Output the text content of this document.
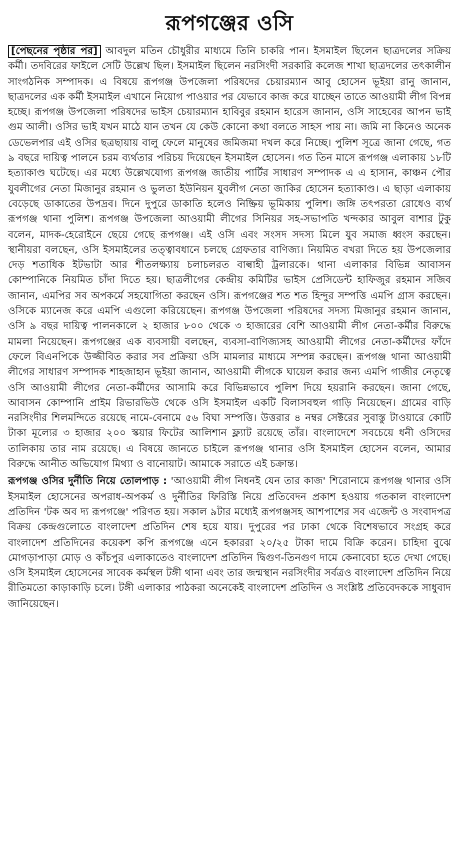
রূপগঞ্জের ওসি

[পেছনের পৃষ্ঠার পর] আবদুল মতিন চৌধুরীর মাধ্যমে তিনি চাকরি পান। ইসমাইল ছিলেন ছাত্রদলের সক্রিয় কর্মী। তদবিরের ফাইলে সেটি উল্লেখ ছিল। ইসমাইল ছিলেন নরসিংদী সরকারি কলেজ শাখা ছাত্রদলের তৎকালীন সাংগঠনিক সম্পাদক। এ বিষয়ে রূপগঞ্জ উপজেলা পরিষদের চেয়ারম্যান আবু হোসেন ভূইয়া রানু জানান, ছাত্রদলের এক কর্মী ইসমাইল এখানে নিয়োগ পাওয়ার পর যেভাবে কাজ করে যাচ্ছেন তাতে আওয়ামী লীগ বিপন্ন হচ্ছে। রূপগঞ্জ উপজেলা পরিষদের ভাইস চেয়ারম্যান হাবিবুর রহমান হারেস জানান, ওসি সাহেবের আপন ভাই গুম আলী। ওসির ভাই যখন মাঠে যান তখন যে কেউ কোনো কথা বলতে সাহস পায় না। জমি না কিনেও অনেক ডেভেলপার এই ওসির ছত্রছায়ায় বালু ফেলে মানুষের জমিজমা দখল করে নিচ্ছে। পুলিশ সূত্রে জানা গেছে, গত ৯ বছরে দায়িত্ব পালনে চরম ব্যর্থতার পরিচয় দিয়েছেন ইসমাইল হোসেন। গত তিন মাসে রূপগঞ্জ এলাকায় ১৮টি হত্যাকাণ্ড ঘটেছে। এর মধ্যে উল্লেখযোগ্য রূপগঞ্জ জাতীয় পার্টির সাধারণ সম্পাদক এ এ হাসান, কাঞ্চন পৌর যুবলীগের নেতা মিজানুর রহমান ও ভুলতা ইউনিয়ন যুবলীগ নেতা জাকির হোসেন হত্যাকাণ্ড। এ ছাড়া এলাকায় বেড়েছে ডাকাতের উপদ্রব। দিনে দুপুরে ডাকাতি হলেও নিষ্ক্রিয় ভূমিকায় পুলিশ। জঙ্গি তৎপরতা রোধেও ব্যর্থ রূপগঞ্জ থানা পুলিশ। রূপগঞ্জ উপজেলা আওয়ামী লীগের সিনিয়র সহ-সভাপতি খন্দকার আবুল বাশার টুকু বলেন, মাদক-হেরোইনে ছেয়ে গেছে রূপগঞ্জ। এই ওসি এবং সংসদ সদস্য মিলে যুব সমাজ ধ্বংস করছেন। স্থানীয়রা বলছেন, ওসি ইসমাইলের তত্ত্বাবধানে চলছে গ্রেফতার বাণিজ্য। নিয়মিত বখরা দিতে হয় উপজেলার দেড় শতাধিক ইটভাটা আর শীতলক্ষ্যায় চলাচলরত বাল্বাহী ট্রলারকে। থানা এলাকার বিভিন্ন আবাসন কোম্পানিকে নিয়মিত চাঁদা দিতে হয়। ছাত্রলীগের কেন্দ্রীয় কমিটির ভাইস প্রেসিডেন্ট হাফিজুর রহমান সজিব জানান, এমপির সব অপকর্মে সহযোগিতা করছেন ওসি। রূপগঞ্জের শত শত হিন্দুর সম্পত্তি এমপি গ্রাস করছেন। ওসিকে ম্যানেজ করে এমপি এগুলো করিয়েছেন। রূপগঞ্জ উপজেলা পরিষদের সদস্য মিজানুর রহমান জানান, ওসি ৯ বছর দায়িত্ব পালনকালে ২ হাজার ৮০০ থেকে ৩ হাজারের বেশি আওয়ামী লীগ নেতা-কর্মীর বিরুদ্ধে মামলা নিয়েছেন। রূপগঞ্জের এক ব্যবসায়ী বলছেন, ব্যবসা-বাণিজ্যসহ আওয়ামী লীগের নেতা-কর্মীদের ফাঁদে ফেলে বিএনপিকে উজ্জীবিত করার সব প্রক্রিয়া ওসি মামলার মাধ্যমে সম্পন্ন করছেন। রূপগঞ্জ থানা আওয়ামী লীগের সাধারণ সম্পাদক শাহজাহান ভূইয়া জানান, আওয়ামী লীগকে ঘায়েল করার জন্য এমপি গাজীর নেতৃত্বে ওসি আওয়ামী লীগের নেতা-কর্মীদের আসামি করে বিভিন্নভাবে পুলিশ দিয়ে হয়রানি করছেন। জানা গেছে, আবাসন কোম্পানি প্রাইম রিভারভিউ থেকে ওসি ইসমাইল একটি বিলাসবহুল গাড়ি নিয়েছেন। গ্রামের বাড়ি নরসিংদীর শিলমন্দিতে রয়েছে নামে-বেনামে ৫৬ বিঘা সম্পত্তি। উত্তরার ৪ নম্বর সেক্টরের সুবাস্তু টাওয়ারে কোটি টাকা মূল্যের ৩ হাজার ২০০ স্কয়ার ফিটের আলিশান ফ্ল্যাট রয়েছে তাঁর। বাংলাদেশে সবচেয়ে ধনী ওসিদের তালিকায় তার নাম রয়েছে। এ বিষয়ে জানতে চাইলে রূপগঞ্জ থানার ওসি ইসমাইল হোসেন বলেন, আমার বিরুদ্ধে আনীত অভিযোগ মিথ্যা ও বানোয়াট। আমাকে সরাতে এই চক্রান্ত।

রূপগঞ্জ ওসির দুর্নীতি নিয়ে তোলপাড় : 'আওয়ামী লীগ নিধনই যেন তার কাজ' শিরোনামে রূপগঞ্জ থানার ওসি ইসমাইল হোসেনের অপরাধ-অপকর্ম ও দুর্নীতির ফিরিস্তি নিয়ে প্রতিবেদন প্রকাশ হওয়ায় গতকাল বাংলাদেশ প্রতিদিন 'টক অব দ্য রূপগঞ্জে' পরিণত হয়। সকাল ৯টার মধ্যেই রূপগঞ্জসহ আশপাশের সব এজেন্ট ও সংবাদপত্র বিক্রয় কেন্দ্রগুলোতে বাংলাদেশ প্রতিদিন শেষ হয়ে যায়। দুপুরের পর ঢাকা থেকে বিশেষভাবে সংগ্রহ করে বাংলাদেশ প্রতিদিনের কয়েকশ কপি রূপগঞ্জে এনে হকাররা ২০/২৫ টাকা দামে বিক্রি করেন। চাহিদা বুঝে মোগড়াপাড়া মোড় ও কাঁচপুর এলাকাতেও বাংলাদেশ প্রতিদিন দ্বিগুণ-তিনগুণ দামে কেনাবেচা হতে দেখা গেছে। ওসি ইসমাইল হোসেনের সাবেক কর্মস্থল টঙ্গী থানা এবং তার জন্মস্থান নরসিংদীর সর্বত্রও বাংলাদেশ প্রতিদিন নিয়ে রীতিমতো কাড়াকাড়ি চলে। টঙ্গী এলাকার পাঠকরা অনেকেই বাংলাদেশ প্রতিদিন ও সংশ্লিষ্ট প্রতিবেদককে সাধুবাদ জানিয়েছেন।
